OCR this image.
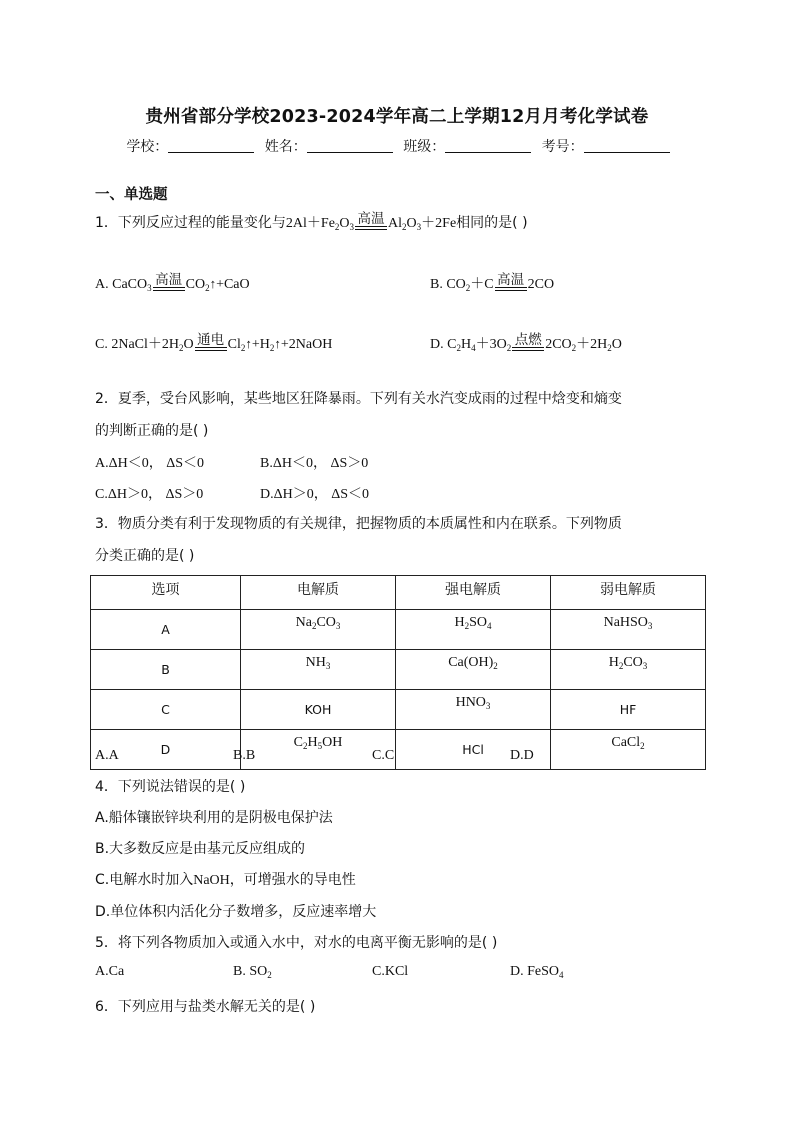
贵州省部分学校2023-2024学年高二上学期12月月考化学试卷
学校：	姓名：	班级：	考号：
一、单选题
1．下列反应过程的能量变化与$2Al+Fe_2O_3$ 高温 $Al_2O_3+2Fe$相同的是( )
A. CaCO$_3$ 高温 $CO_2↑+CaO$	B. $CO_2+C$ 高温 2CO
C. $2NaCl+2H_2O$ 通电 $Cl_2↑+H_2↑+2NaOH$	D. $C_2H_4+3O_2$ 点燃 $2CO_2+2H_2O$
2．夏季，受台风影响，某些地区狂降暴雨。下列有关水汽变成雨的过程中焓变和熵变
的判断正确的是( )
A.ΔH＜0， ΔS＜0	B.ΔH＜0， ΔS＞0
C.ΔH＞0， ΔS＞0	D.ΔH＞0， ΔS＜0
3．物质分类有利于发现物质的有关规律，把握物质的本质属性和内在联系。下列物质
分类正确的是( )
选项	电解质	强电解质	弱电解质
A	$Na_2CO_3$	$H_2SO_4$	NaHSO$_3$
B	$NH_3$	$Ca(OH)_2$	$H_2CO_3$
C	KOH	$HNO_3$	HF
D	$C_2H_5OH$	HCl	CaCl$_2$
A.A	B.B	C.C	D.D
4．下列说法错误的是( )
A.船体镶嵌锌块利用的是阴极电保护法
B.大多数反应是由基元反应组成的
C.电解水时加入NaOH，可增强水的导电性
D.单位体积内活化分子数增多，反应速率增大
5．将下列各物质加入或通入水中，对水的电离平衡无影响的是( )
A.Ca	B. $SO_2$	C.KCl	D. FeSO$_4$
6．下列应用与盐类水解无关的是( )
